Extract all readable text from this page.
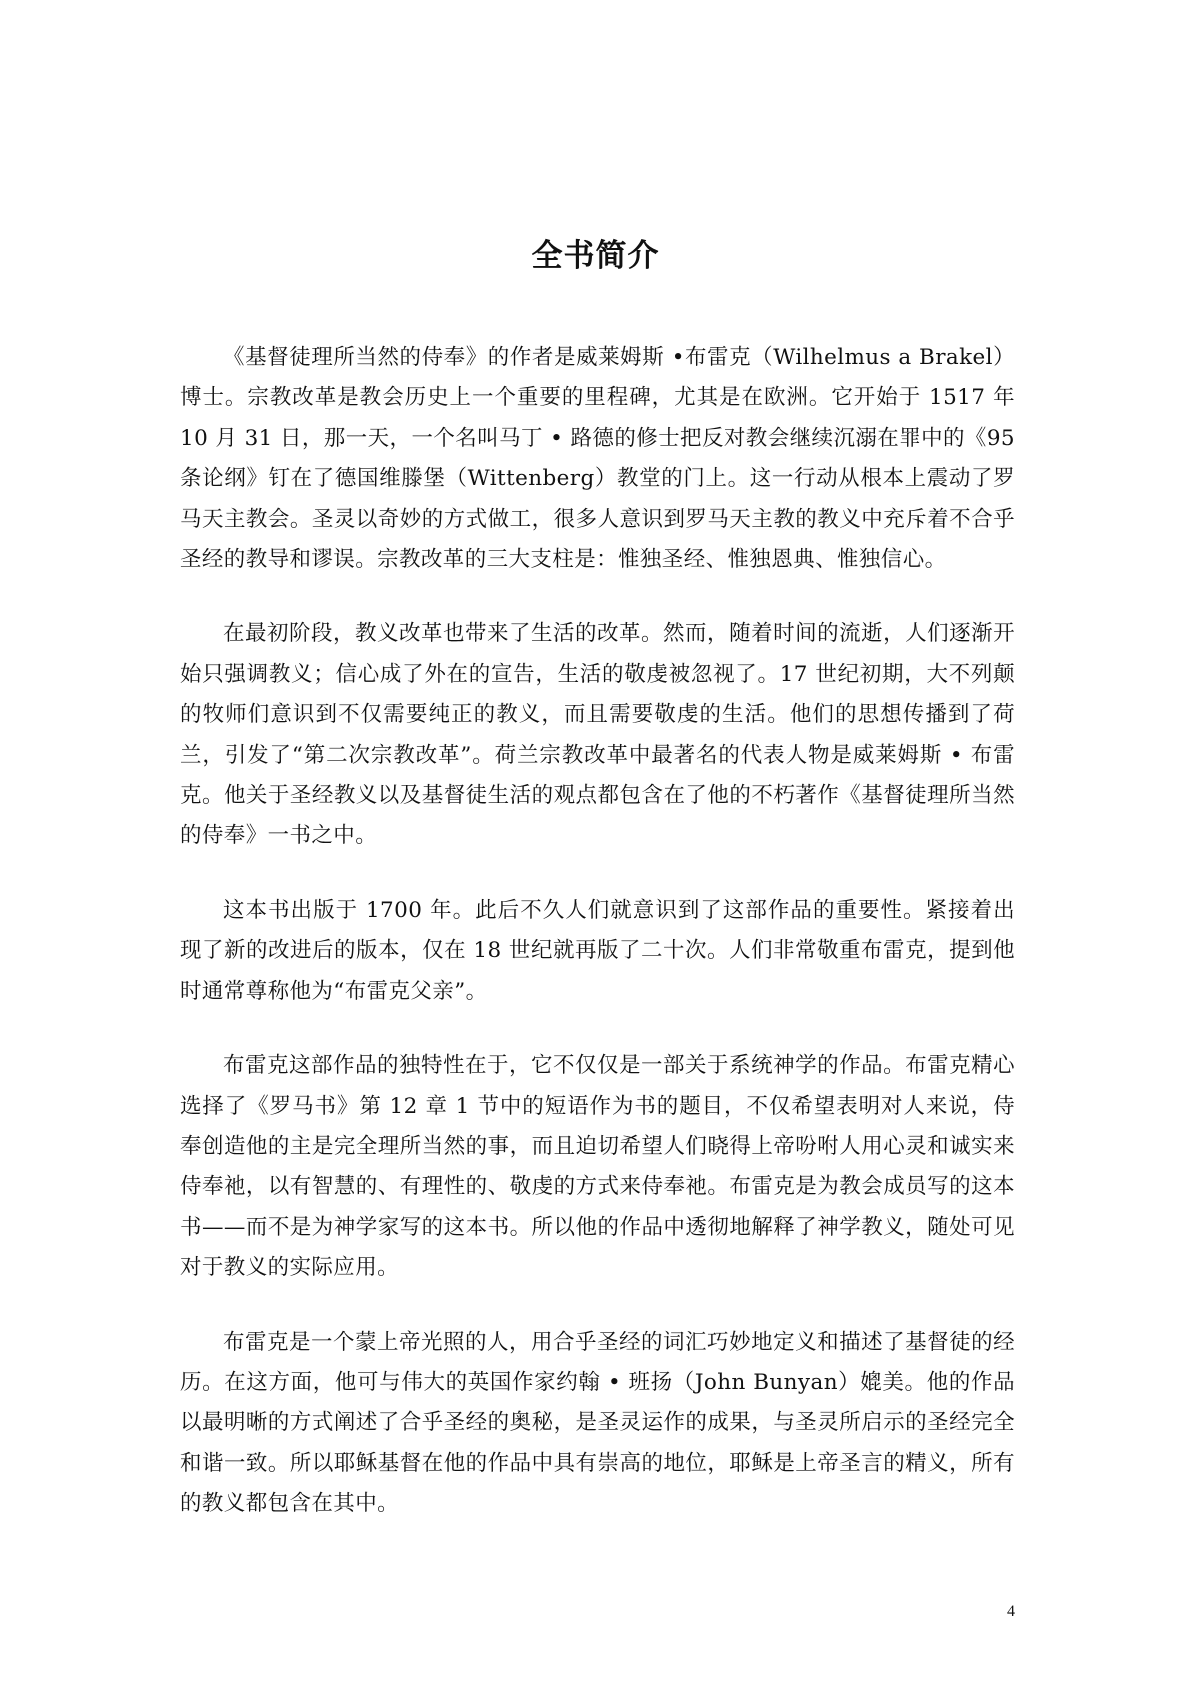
全书简介

《基督徒理所当然的侍奉》的作者是威莱姆斯 •布雷克（Wilhelmus a Brakel）博士。宗教改革是教会历史上一个重要的里程碑，尤其是在欧洲。它开始于 1517 年 10 月 31 日，那一天，一个名叫马丁 • 路德的修士把反对教会继续沉溺在罪中的《95 条论纲》钉在了德国维滕堡（Wittenberg）教堂的门上。这一行动从根本上震动了罗马天主教会。圣灵以奇妙的方式做工，很多人意识到罗马天主教的教义中充斥着不合乎圣经的教导和谬误。宗教改革的三大支柱是：惟独圣经、惟独恩典、惟独信心。

在最初阶段，教义改革也带来了生活的改革。然而，随着时间的流逝，人们逐渐开始只强调教义；信心成了外在的宣告，生活的敬虔被忽视了。17 世纪初期，大不列颠的牧师们意识到不仅需要纯正的教义，而且需要敬虔的生活。他们的思想传播到了荷兰，引发了“第二次宗教改革”。荷兰宗教改革中最著名的代表人物是威莱姆斯 • 布雷克。他关于圣经教义以及基督徒生活的观点都包含在了他的不朽著作《基督徒理所当然的侍奉》一书之中。

这本书出版于 1700 年。此后不久人们就意识到了这部作品的重要性。紧接着出现了新的改进后的版本，仅在 18 世纪就再版了二十次。人们非常敬重布雷克，提到他时通常尊称他为“布雷克父亲”。

布雷克这部作品的独特性在于，它不仅仅是一部关于系统神学的作品。布雷克精心选择了《罗马书》第 12 章 1 节中的短语作为书的题目，不仅希望表明对人来说，侍奉创造他的主是完全理所当然的事，而且迫切希望人们晓得上帝吩咐人用心灵和诚实来侍奉祂，以有智慧的、有理性的、敬虔的方式来侍奉祂。布雷克是为教会成员写的这本书——而不是为神学家写的这本书。所以他的作品中透彻地解释了神学教义，随处可见对于教义的实际应用。

布雷克是一个蒙上帝光照的人，用合乎圣经的词汇巧妙地定义和描述了基督徒的经历。在这方面，他可与伟大的英国作家约翰 • 班扬（John Bunyan）媲美。他的作品以最明晰的方式阐述了合乎圣经的奥秘，是圣灵运作的成果，与圣灵所启示的圣经完全和谐一致。所以耶稣基督在他的作品中具有崇高的地位，耶稣是上帝圣言的精义，所有的教义都包含在其中。

4
